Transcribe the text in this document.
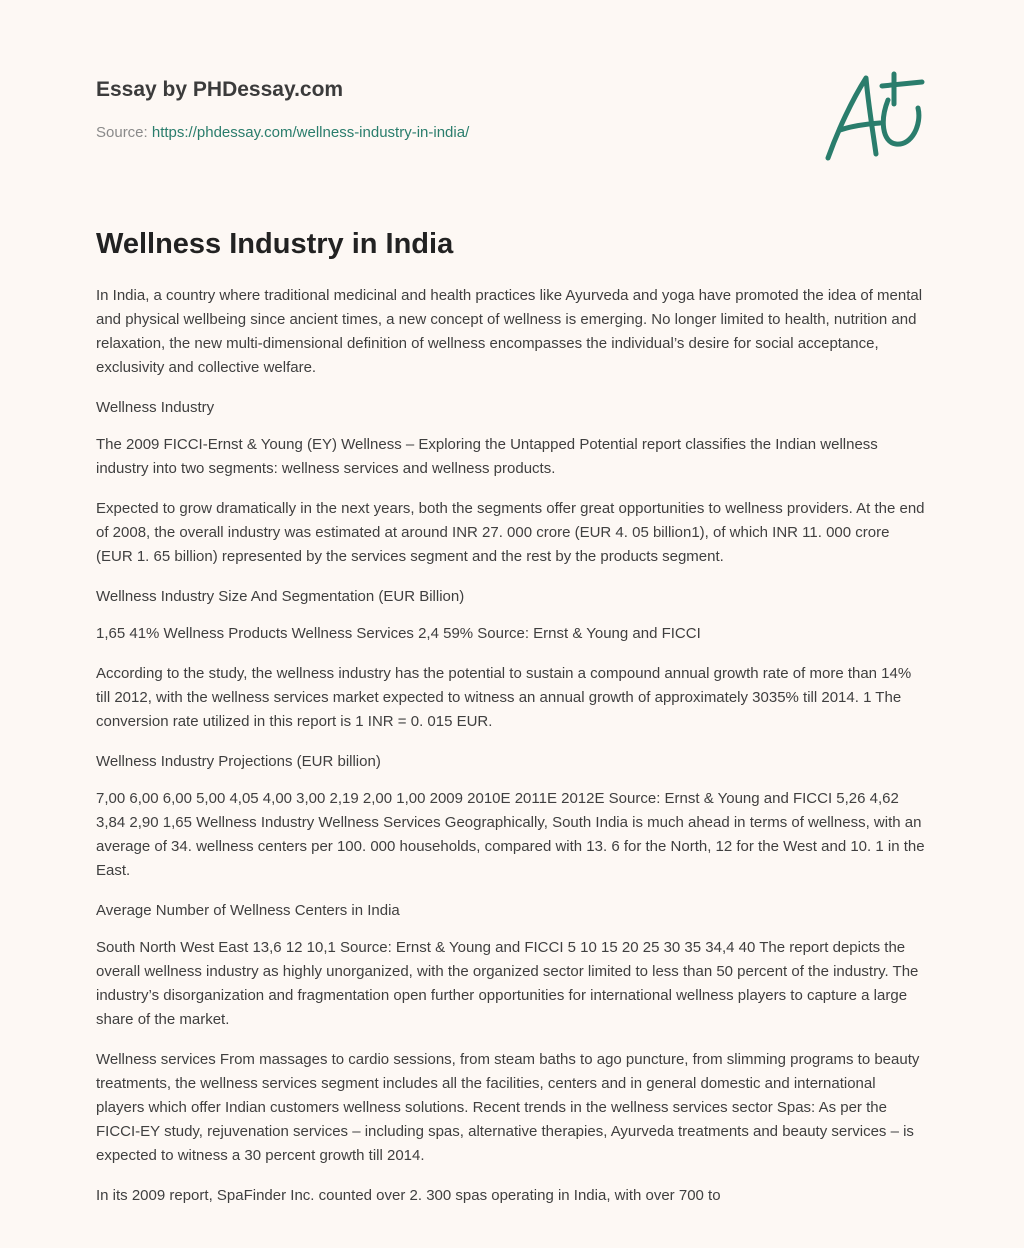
Essay by PHDessay.com
Source: https://phdessay.com/wellness-industry-in-india/
Wellness Industry in India

In India, a country where traditional medicinal and health practices like Ayurveda and yoga have promoted the idea of mental and physical wellbeing since ancient times, a new concept of wellness is emerging. No longer limited to health, nutrition and relaxation, the new multi-dimensional definition of wellness encompasses the individual’s desire for social acceptance, exclusivity and collective welfare.

Wellness Industry

The 2009 FICCI-Ernst & Young (EY) Wellness – Exploring the Untapped Potential report classifies the Indian wellness industry into two segments: wellness services and wellness products.

Expected to grow dramatically in the next years, both the segments offer great opportunities to wellness providers. At the end of 2008, the overall industry was estimated at around INR 27. 000 crore (EUR 4. 05 billion1), of which INR 11. 000 crore (EUR 1. 65 billion) represented by the services segment and the rest by the products segment.

Wellness Industry Size And Segmentation (EUR Billion)

1,65 41% Wellness Products Wellness Services 2,4 59% Source: Ernst & Young and FICCI

According to the study, the wellness industry has the potential to sustain a compound annual growth rate of more than 14% till 2012, with the wellness services market expected to witness an annual growth of approximately 3035% till 2014. 1 The conversion rate utilized in this report is 1 INR = 0. 015 EUR.

Wellness Industry Projections (EUR billion)

7,00 6,00 6,00 5,00 4,05 4,00 3,00 2,19 2,00 1,00 2009 2010E 2011E 2012E Source: Ernst & Young and FICCI 5,26 4,62 3,84 2,90 1,65 Wellness Industry Wellness Services Geographically, South India is much ahead in terms of wellness, with an average of 34. wellness centers per 100. 000 households, compared with 13. 6 for the North, 12 for the West and 10. 1 in the East.

Average Number of Wellness Centers in India

South North West East 13,6 12 10,1 Source: Ernst & Young and FICCI 5 10 15 20 25 30 35 34,4 40 The report depicts the overall wellness industry as highly unorganized, with the organized sector limited to less than 50 percent of the industry. The industry’s disorganization and fragmentation open further opportunities for international wellness players to capture a large share of the market.

Wellness services From massages to cardio sessions, from steam baths to ago puncture, from slimming programs to beauty treatments, the wellness services segment includes all the facilities, centers and in general domestic and international players which offer Indian customers wellness solutions. Recent trends in the wellness services sector Spas: As per the FICCI-EY study, rejuvenation services – including spas, alternative therapies, Ayurveda treatments and beauty services – is expected to witness a 30 percent growth till 2014.

In its 2009 report, SpaFinder Inc. counted over 2. 300 spas operating in India, with over 700 to
